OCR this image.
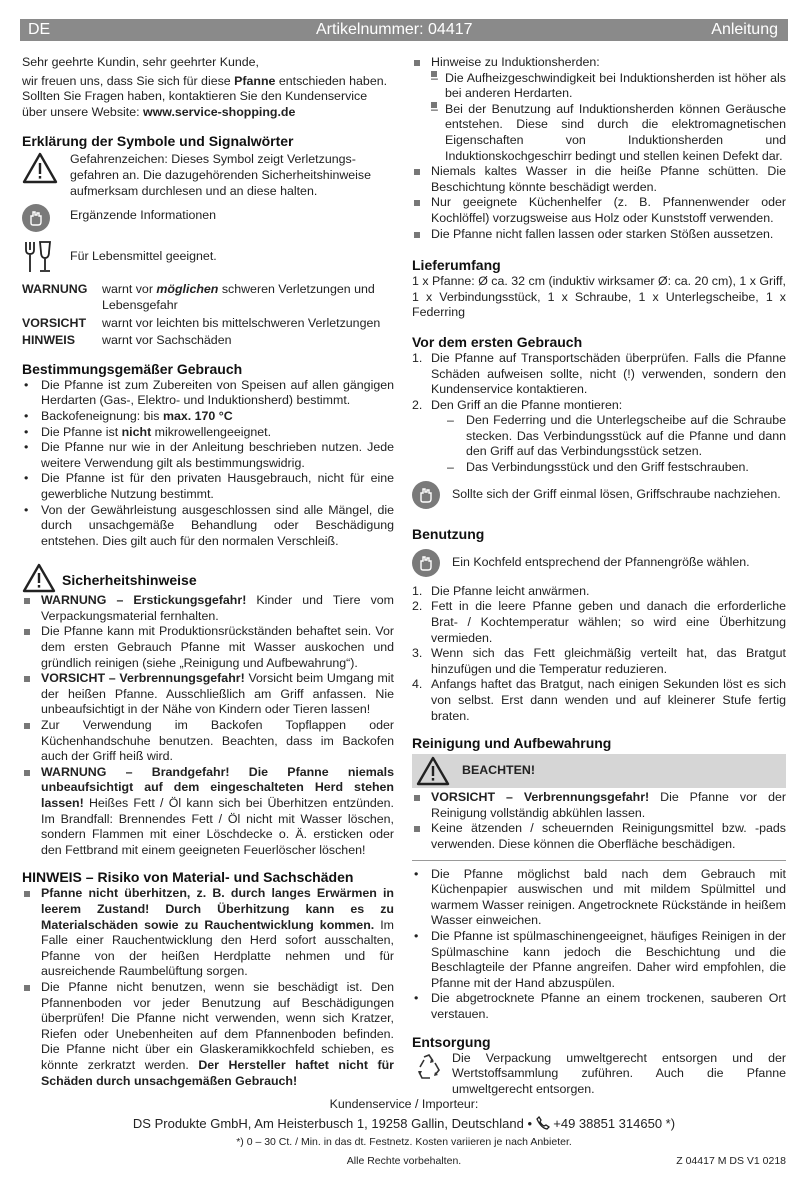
DE	Artikelnummer: 04417	Anleitung

Sehr geehrte Kundin, sehr geehrter Kunde,

wir freuen uns, dass Sie sich für diese Pfanne entschieden haben. Sollten Sie Fragen haben, kontaktieren Sie den Kundenservice über unsere Website: www.service-shopping.de

Erklärung der Symbole und Signalwörter

Gefahrenzeichen: Dieses Symbol zeigt Verletzungsgefahren an. Die dazugehörenden Sicherheitshinweise aufmerksam durchlesen und an diese halten.

Ergänzende Informationen

Für Lebensmittel geeignet.

WARNUNG warnt vor möglichen schweren Verletzungen und Lebensgefahr
VORSICHT warnt vor leichten bis mittelschweren Verletzungen
HINWEIS warnt vor Sachschäden
Bestimmungsgemäßer Gebrauch
• Die Pfanne ist zum Zubereiten von Speisen auf allen gängigen Herdarten (Gas-, Elektro- und Induktionsherd) bestimmt.
• Backofeneignung: bis max. 170 °C
• Die Pfanne ist nicht mikrowellengeeignet.
• Die Pfanne nur wie in der Anleitung beschrieben nutzen. Jede weitere Verwendung gilt als bestimmungswidrig.
• Die Pfanne ist für den privaten Hausgebrauch, nicht für eine gewerbliche Nutzung bestimmt.
• Von der Gewährleistung ausgeschlossen sind alle Mängel, die durch unsachgemäße Behandlung oder Beschädigung entstehen. Dies gilt auch für den normalen Verschleiß.
Sicherheitshinweise
WARNUNG – Erstickungsgefahr! Kinder und Tiere vom Verpackungsmaterial fernhalten.
Die Pfanne kann mit Produktionsrückständen behaftet sein. Vor dem ersten Gebrauch Pfanne mit Wasser auskochen und gründlich reinigen (siehe „Reinigung und Aufbewahrung“).
VORSICHT – Verbrennungsgefahr! Vorsicht beim Umgang mit der heißen Pfanne. Ausschließlich am Griff anfassen. Nie unbeaufsichtigt in der Nähe von Kindern oder Tieren lassen!
Zur Verwendung im Backofen Topflappen oder Küchenhandschuhe benutzen. Beachten, dass im Backofen auch der Griff heiß wird.
WARNUNG – Brandgefahr! Die Pfanne niemals unbeaufsichtigt auf dem eingeschalteten Herd stehen lassen! Heißes Fett / Öl kann sich bei Überhitzen entzünden. Im Brandfall: Brennendes Fett / Öl nicht mit Wasser löschen, sondern Flammen mit einer Löschdecke o. Ä. ersticken oder den Fettbrand mit einem geeigneten Feuerlöscher löschen!
HINWEIS – Risiko von Material- und Sachschäden
Pfanne nicht überhitzen, z. B. durch langes Erwärmen in leerem Zustand! Durch Überhitzung kann es zu Materialschäden sowie zu Rauchentwicklung kommen. Im Falle einer Rauchentwicklung den Herd sofort ausschalten, Pfanne von der heißen Herdplatte nehmen und für ausreichende Raumbelüftung sorgen.
Die Pfanne nicht benutzen, wenn sie beschädigt ist. Den Pfannenboden vor jeder Benutzung auf Beschädigungen überprüfen! Die Pfanne nicht verwenden, wenn sich Kratzer, Riefen oder Unebenheiten auf dem Pfannenboden befinden. Die Pfanne nicht über ein Glaskeramikkochfeld schieben, es könnte zerkratzt werden. Der Hersteller haftet nicht für Schäden durch unsachgemäßen Gebrauch!
Hinweise zu Induktionsherden:
– Die Aufheizgeschwindigkeit bei Induktionsherden ist höher als bei anderen Herdarten.
– Bei der Benutzung auf Induktionsherden können Geräusche entstehen. Diese sind durch die elektromagnetischen Eigenschaften von Induktionsherden und Induktionskochgeschirr bedingt und stellen keinen Defekt dar.
Niemals kaltes Wasser in die heiße Pfanne schütten. Die Beschichtung könnte beschädigt werden.
Nur geeignete Küchenhelfer (z. B. Pfannenwender oder Kochlöffel) vorzugsweise aus Holz oder Kunststoff verwenden.
Die Pfanne nicht fallen lassen oder starken Stößen aussetzen.
Lieferumfang

1 x Pfanne: Ø ca. 32 cm (induktiv wirksamer Ø: ca. 20 cm), 1 x Griff, 1 x Verbindungsstück, 1 x Schraube, 1 x Unterlegscheibe, 1 x Federring

Vor dem ersten Gebrauch
1. Die Pfanne auf Transportschäden überprüfen. Falls die Pfanne Schäden aufweisen sollte, nicht (!) verwenden, sondern den Kundenservice kontaktieren.
2. Den Griff an die Pfanne montieren:
– Den Federring und die Unterlegscheibe auf die Schraube stecken. Das Verbindungsstück auf die Pfanne und dann den Griff auf das Verbindungsstück setzen.
– Das Verbindungsstück und den Griff festschrauben.
Sollte sich der Griff einmal lösen, Griffschraube nachziehen.
Benutzung
Ein Kochfeld entsprechend der Pfannengröße wählen.
1. Die Pfanne leicht anwärmen.
2. Fett in die leere Pfanne geben und danach die erforderliche Brat- / Kochtemperatur wählen; so wird eine Überhitzung vermieden.
3. Wenn sich das Fett gleichmäßig verteilt hat, das Bratgut hinzufügen und die Temperatur reduzieren.
4. Anfangs haftet das Bratgut, nach einigen Sekunden löst es sich von selbst. Erst dann wenden und auf kleinerer Stufe fertig braten.
Reinigung und Aufbewahrung
BEACHTEN!
VORSICHT – Verbrennungsgefahr! Die Pfanne vor der Reinigung vollständig abkühlen lassen.
Keine ätzenden / scheuernden Reinigungsmittel bzw. -pads verwenden. Diese können die Oberfläche beschädigen.
• Die Pfanne möglichst bald nach dem Gebrauch mit Küchenpapier auswischen und mit mildem Spülmittel und warmem Wasser reinigen. Angetrocknete Rückstände in heißem Wasser einweichen.
• Die Pfanne ist spülmaschinengeeignet, häufiges Reinigen in der Spülmaschine kann jedoch die Beschichtung und die Beschlagteile der Pfanne angreifen. Daher wird empfohlen, die Pfanne mit der Hand abzuspülen.
• Die abgetrocknete Pfanne an einem trockenen, sauberen Ort verstauen.
Entsorgung

Die Verpackung umweltgerecht entsorgen und der Wertstoffsammlung zuführen. Auch die Pfanne umweltgerecht entsorgen.

Kundenservice / Importeur:
DS Produkte GmbH, Am Heisterbusch 1, 19258 Gallin, Deutschland • +49 38851 314650 *)
*) 0 – 30 Ct. / Min. in das dt. Festnetz. Kosten variieren je nach Anbieter.
Alle Rechte vorbehalten.	Z 04417 M DS V1 0218
